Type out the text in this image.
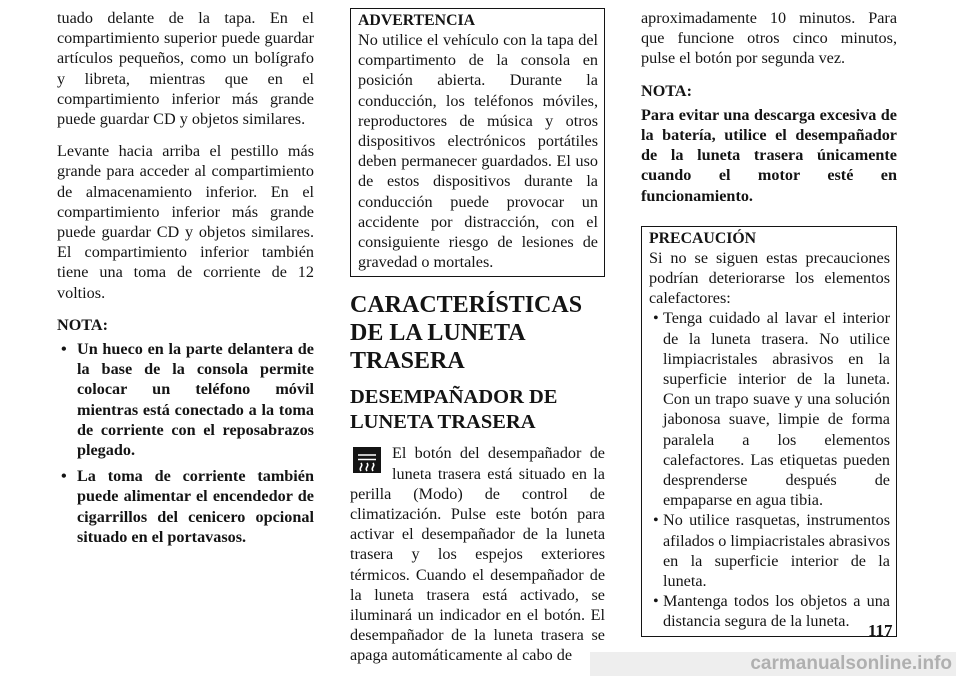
tuado delante de la tapa. En el compartimiento superior puede guardar artículos pequeños, como un bolígrafo y libreta, mientras que en el compartimiento inferior más grande puede guardar CD y objetos similares.

Levante hacia arriba el pestillo más grande para acceder al compartimiento de almacenamiento inferior. En el compartimiento inferior más grande puede guardar CD y objetos similares. El compartimiento inferior también tiene una toma de corriente de 12 voltios.

NOTA:
• Un hueco en la parte delantera de la base de la consola permite colocar un teléfono móvil mientras está conectado a la toma de corriente con el reposabrazos plegado.
• La toma de corriente también puede alimentar el encendedor de cigarrillos del cenicero opcional situado en el portavasos.
ADVERTENCIA

No utilice el vehículo con la tapa del compartimento de la consola en posición abierta. Durante la conducción, los teléfonos móviles, reproductores de música y otros dispositivos electrónicos portátiles deben permanecer guardados. El uso de estos dispositivos durante la conducción puede provocar un accidente por distracción, con el consiguiente riesgo de lesiones de gravedad o mortales.

CARACTERÍSTICAS DE LA LUNETA TRASERA
DESEMPAÑADOR DE LUNETA TRASERA
El botón del desempañador de luneta trasera está situado en la perilla (Modo) de control de climatización. Pulse este botón para activar el desempañador de la luneta trasera y los espejos exteriores térmicos. Cuando el desempañador de la luneta trasera está activado, se iluminará un indicador en el botón. El desempañador de la luneta trasera se apaga automáticamente al cabo de

aproximadamente 10 minutos. Para que funcione otros cinco minutos, pulse el botón por segunda vez.

NOTA:

Para evitar una descarga excesiva de la batería, utilice el desempañador de la luneta trasera únicamente cuando el motor esté en funcionamiento.

PRECAUCIÓN

Si no se siguen estas precauciones podrían deteriorarse los elementos calefactores:

• Tenga cuidado al lavar el interior de la luneta trasera. No utilice limpiacristales abrasivos en la superficie interior de la luneta. Con un trapo suave y una solución jabonosa suave, limpie de forma paralela a los elementos calefactores. Las etiquetas pueden desprenderse después de empaparse en agua tibia.
• No utilice rasquetas, instrumentos afilados o limpiacristales abrasivos en la superficie interior de la luneta.
• Mantenga todos los objetos a una distancia segura de la luneta.	117
carmanualsonline.info
